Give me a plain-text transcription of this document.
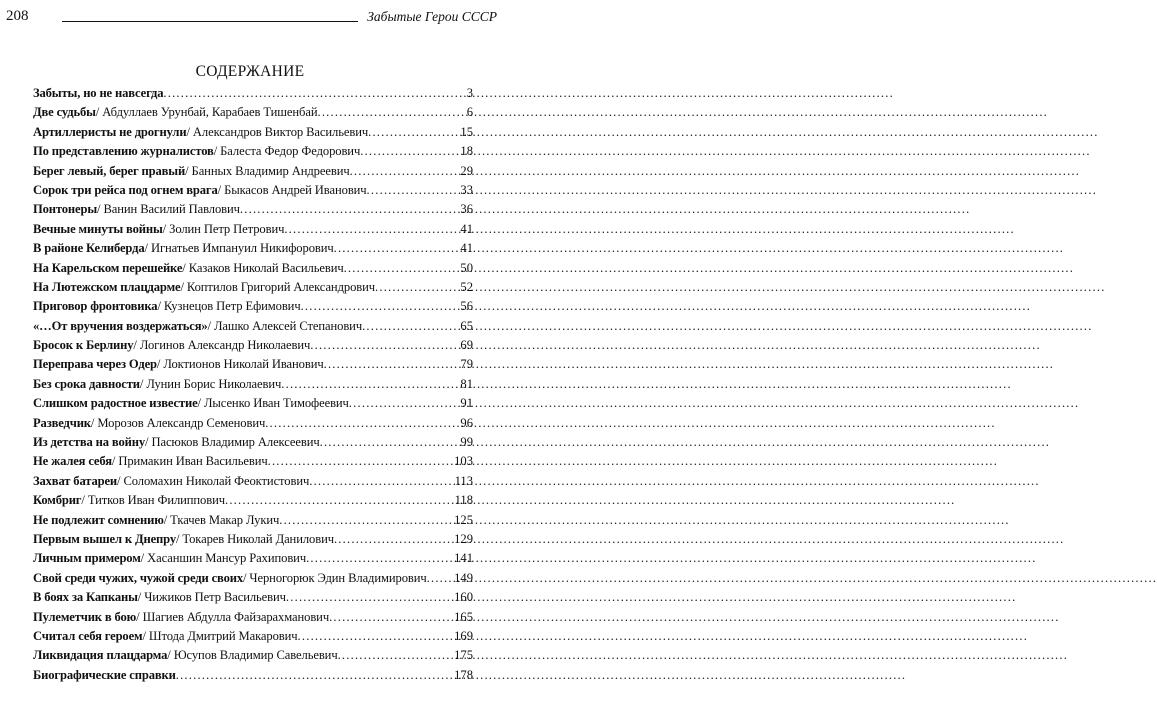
208	Забытые Герои СССР
СОДЕРЖАНИЕ
Забыты, но не навсегда .....	3
Две судьбы / Абдуллаев Урунбай, Карабаев Тишенбай .....	6
Артиллеристы не дрогнули / Александров Виктор Васильевич .....	15
По представлению журналистов / Балеста Федор Федорович .....	18
Берег левый, берег правый / Банных Владимир Андреевич .....	29
Сорок три рейса под огнем врага / Быкасов Андрей Иванович .....	33
Понтонеры / Ванин Василий Павлович .....	36
Вечные минуты войны / Золин Петр Петрович .....	41
В районе Келиберда / Игнатьев Импануил Никифорович .....	41
На Карельском перешейке / Казаков Николай Васильевич .....	50
На Лютежском плацдарме / Коптилов Григорий Александрович .....	52
Приговор фронтовика / Кузнецов Петр Ефимович .....	56
«…От вручения воздержаться» / Лашко Алексей Степанович .....	65
Бросок к Берлину / Логинов Александр Николаевич .....	69
Переправа через Одер / Локтионов Николай Иванович .....	79
Без срока давности / Лунин Борис Николаевич .....	81
Слишком радостное известие / Лысенко Иван Тимофеевич .....	91
Разведчик / Морозов Александр Семенович .....	96
Из детства на войну / Пасюков Владимир Алексеевич .....	99
Не жалея себя / Примакин Иван Васильевич .....	103
Захват батареи / Соломахин Николай Феоктистович .....	113
Комбриг / Титков Иван Филиппович .....	118
Не подлежит сомнению / Ткачев Макар Лукич .....	125
Первым вышел к Днепру / Токарев Николай Данилович .....	129
Личным примером / Хасаншин Мансур Рахипович .....	141
Свой среди чужих, чужой среди своих / Черногорюк Эдин Владимирович ..... 149
В боях за Капканы / Чижиков Петр Васильевич .....	160
Пулеметчик в бою / Шагиев Абдулла Файзарахманович .....	165
Считал себя героем / Штода Дмитрий Макарович .....	169
Ликвидация плацдарма / Юсупов Владимир Савельевич .....	175
Биографические справки .....	178
